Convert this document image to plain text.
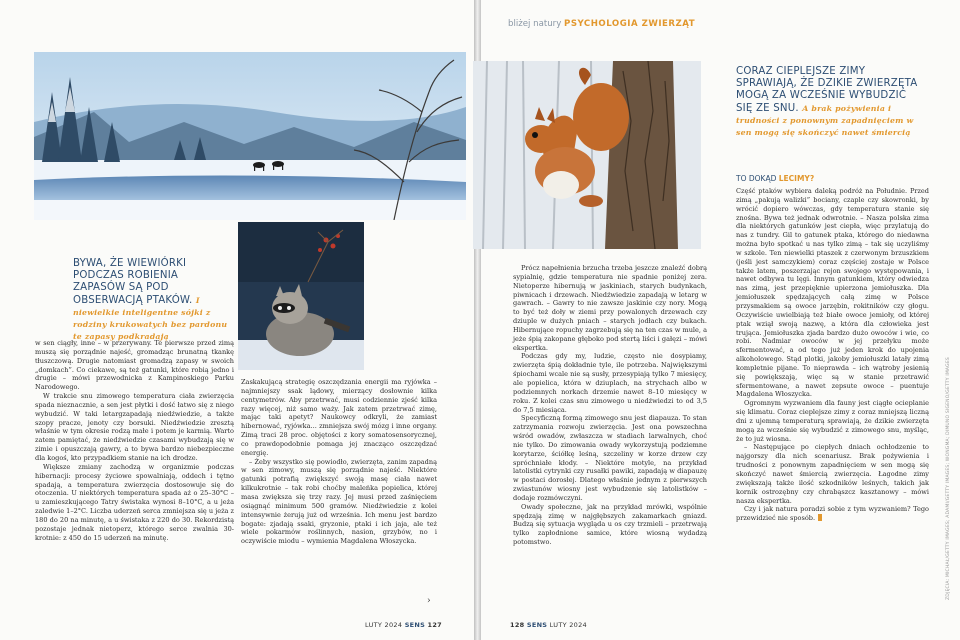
BYWA, ŻE WIEWIÓRKI PODCZAS ROBIENIA ZAPASÓW SĄ POD OBSERWACJĄ PTAKÓW. I niewielkie inteligentne sójki z rodziny krukowatych bez pardonu te zapasy podkradają

w sen ciągły, inne – w przerywany. Te pierwsze przed zimą muszą się porządnie najeść, gromadząc brunatną tkankę tłuszczową. Drugie natomiast gromadzą zapasy w swoich „domkach”. Co ciekawe, są też gatunki, które robią jedno i drugie – mówi przewodnicka z Kampinoskiego Parku Narodowego.

W trakcie snu zimowego temperatura ciała zwierzęcia spada nieznacznie, a sen jest płytki i dość łatwo się z niego wybudzić. W taki letargzapadają niedźwiedzie, a także szopy pracze, jenoty czy borsuki. Niedźwiedzie zresztą właśnie w tym okresie rodzą małe i potem je karmią. Warto zatem pamiętać, że niedźwiedzie czasami wybudzają się w zimie i opuszczają gawry, a to bywa bardzo niebezpieczne dla kogoś, kto przypadkiem stanie na ich drodze.

Większe zmiany zachodzą w organizmie podczas hibernacji: procesy życiowe spowalniają, oddech i tętno spadają, a temperatura zwierzęcia dostosowuje się do otoczenia. U niektórych temperatura spada aż o 25–30°C – u zamieszkującego Tatry świstaka wynosi 8–10°C, a u jeża zaledwie 1–2°C. Liczba uderzeń serca zmniejsza się u jeża z 180 do 20 na minutę, a u świstaka z 220 do 30. Rekordzistą pozostaje jednak nietoperz, którego serce zwalnia 30-krotnie: z 450 do 15 uderzeń na minutę.

Zaskakującą strategię oszczędzania energii ma ryjówka – najmniejszy ssak lądowy, mierzący dosłownie kilka centymetrów. Aby przetrwać, musi codziennie zjeść kilka razy więcej, niż samo waży. Jak zatem przetrwać zimę, mając taki apetyt? Naukowcy odkryli, że zamiast hibernować, ryjówka... zmniejsza swój mózg i inne organy. Zimą traci 28 proc. objętości z kory somatosensorycznej, co prawdopodobnie pomaga jej znacząco oszczędzać energię.

– Żeby wszystko się powiodło, zwierzęta, zanim zapadną w sen zimowy, muszą się porządnie najeść. Niektóre gatunki potrafią zwiększyć swoją masę ciała nawet kilkukrotnie – tak robi choćby maleńka popielica, której masa zwiększa się trzy razy. Jej musi przed zaśnięciem osiągnąć minimum 500 gramów. Niedźwiedzie z kolei intensywnie żerują już od września. Ich menu jest bardzo bogate: zjadają ssaki, gryzonie, ptaki i ich jaja, ale też wiele pokarmów roślinnych, nasion, grzybów, no i oczywiście miodu – wymienia Magdalena Włoszycka.

›
LUTY 2024 SENS 127
bliżej natury PSYCHOLOGIA ZWIERZĄT
CORAZ CIEPLEJSZE ZIMY SPRAWIAJĄ, ŻE DZIKIE ZWIERZĘTA MOGĄ ZA WCZEŚNIE WYBUDZIĆ SIĘ ZE SNU. A brak pożywienia i trudności z ponownym zapadnięciem w sen mogą się skończyć nawet śmiercią

Prócz napełnienia brzucha trzeba jeszcze znaleźć dobrą sypialnię, gdzie temperatura nie spadnie poniżej zera. Nietoperze hibernują w jaskiniach, starych budynkach, piwnicach i drzewach. Niedźwiedzie zapadają w letarg w gawrach. – Gawry to nie zawsze jaskinie czy nory. Mogą to być też doły w ziemi przy powalonych drzewach czy dziuple w dużych pniach – starych jodłach czy bukach. Hibernujące ropuchy zagrzebują się na ten czas w mule, a jeże śpią zakopane głęboko pod stertą liści i gałęzi – mówi ekspertka.

Podczas gdy my, ludzie, często nie dosypiamy, zwierzęta śpią dokładnie tyle, ile potrzeba. Największymi śpiochami wcale nie są susły, przesypiają tylko 7 miesięcy, ale popielica, która w dziuplach, na strychach albo w podziemnych norkach drzemie nawet 8–10 miesięcy w roku. Z kolei czas snu zimowego u niedźwiedzi to od 3,5 do 7,5 miesiąca.

Specyficzną formą zimowego snu jest diapauza. To stan zatrzymania rozwoju zwierzęcia. Jest ona powszechna wśród owadów, zwłaszcza w stadiach larwalnych, choć nie tylko. Do zimowania owady wykorzystują podziemne korytarze, ściółkę leśną, szczeliny w korze drzew czy spróchniałe kłody. – Niektóre motyle, na przykład latolistki cytrynki czy rusałki pawiki, zapadają w diapauzę w postaci dorosłej. Dlatego właśnie jednym z pierwszych zwiastunów wiosny jest wybudzenie się latolistków – dodaje rozmówczyni.

Owady społeczne, jak na przykład mrówki, wspólnie spędzają zimę w najgłębszych zakamarkach gniazd. Budzą się sytuacja wygląda u os czy trzmieli – przetrwają tylko zapłodnione samice, które wiosną wydadzą potomstwo.

TO DOKĄD LECIMY?

Część ptaków wybiera daleką podróż na Południe. Przed zimą „pakują walizki” bociany, czaple czy skowronki, by wrócić dopiero wówczas, gdy temperatura stanie się znośna. Bywa też jednak odwrotnie. – Nasza polska zima dla niektórych gatunków jest ciepła, więc przylatują do nas z tundry. Gil to gatunek ptaka, którego do niedawna można było spotkać u nas tylko zimą – tak się uczyliśmy w szkole. Ten niewielki ptaszek z czerwonym brzuszkiem (jeśli jest samczykiem) coraz częściej zostaje w Polsce także latem, poszerzając rejon swojego występowania, i nawet odbywa tu lęgi. Innym gatunkiem, który odwiedza nas zimą, jest przepięknie upierzona jemiołuszka. Dla jemiołuszek spędzających całą zimę w Polsce przysmakiem są owoce jarzębin, rokitników czy głogu. Oczywiście uwielbiają też białe owoce jemioły, od której ptak wziął swoją nazwę, a która dla człowieka jest trująca. Jemiołuszka zjada bardzo dużo owoców i wie, co robi. Nadmiar owoców w jej przełyku może sfermentować, a od tego już jeden krok do upojenia alkoholowego. Stąd plotki, jakoby jemiołuszki latały zimą kompletnie pijane. To nieprawda – ich wątroby jesienią się powiększają, więc są w stanie przetrawić sfermentowane, a nawet zepsute owoce – puentuje Magdalena Włoszycka.

Ogromnym wyzwaniem dla fauny jest ciągłe ocieplanie się klimatu. Coraz cieplejsze zimy z coraz mniejszą liczną dni z ujemną temperaturą sprawiają, że dzikie zwierzęta mogą za wcześnie się wybudzić z zimowego snu, myśląc, że to już wiosna.

– Następujące po ciepłych dniach ochłodzenie to najgorszy dla nich scenariusz. Brak pożywienia i trudności z ponownym zapadnięciem w sen mogą się skończyć nawet śmiercią zwierzęcia. Łagodne zimy zwiększają także ilość szkodników leśnych, takich jak kornik ostrozębny czy chrabąszcz kasztanowy – mówi nasza ekspertka.

Czy i jak natura poradzi sobie z tym wyzwaniem? Tego przewidzieć nie sposób.	ZDJĘCIA: MICHAŁ/GETTY IMAGES; ADAMI/GETTY IMAGES; WONGMA; DIMUNO SIGENO/GETTY IMAGES
128 SENS LUTY 2024
